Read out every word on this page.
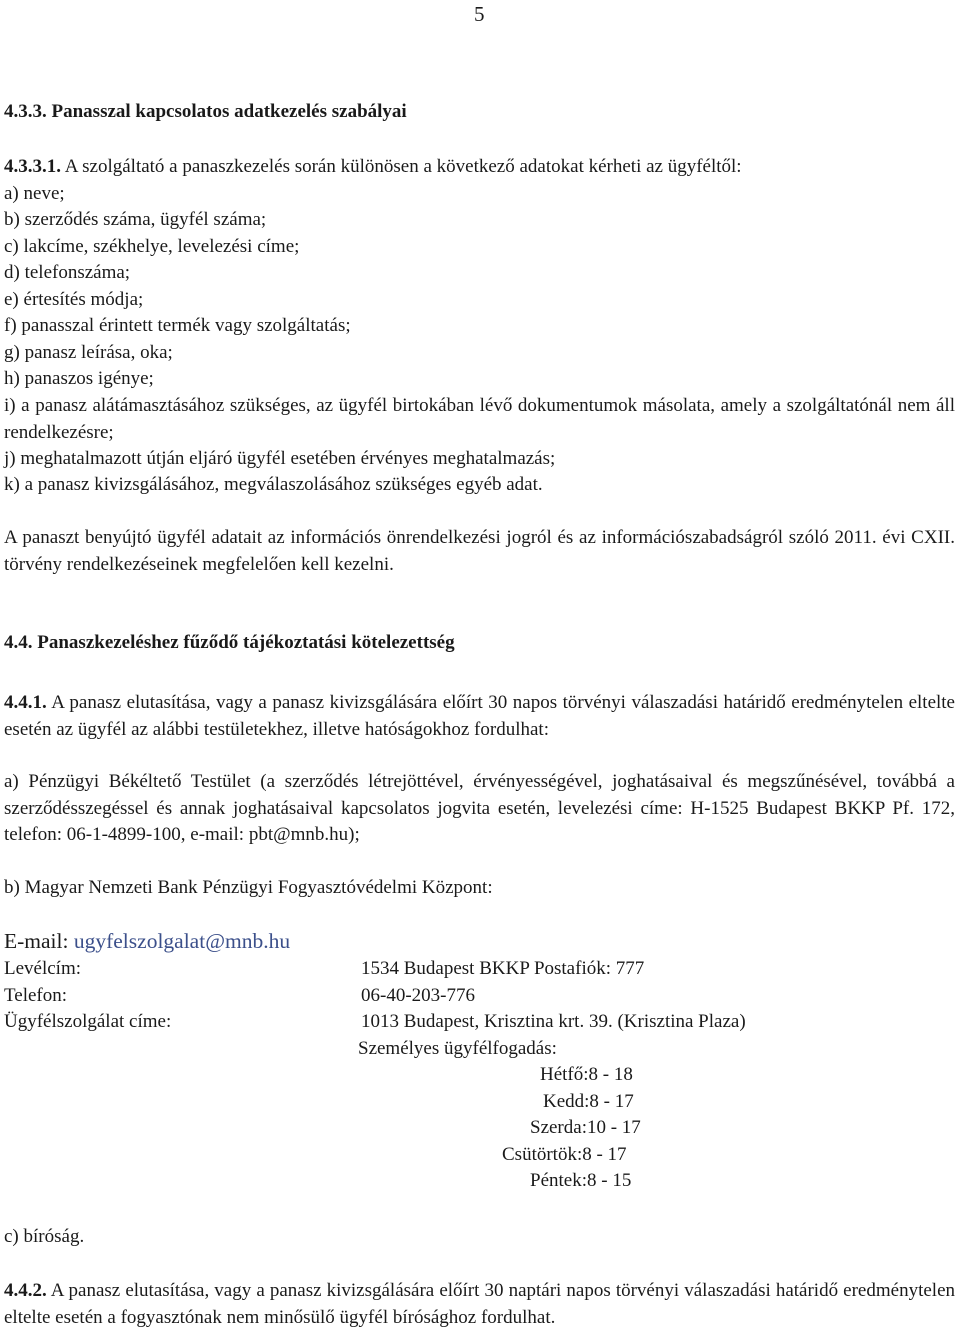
5
4.3.3. Panasszal kapcsolatos adatkezelés szabályai
4.3.3.1. A szolgáltató a panaszkezelés során különösen a következő adatokat kérheti az ügyféltől:
a) neve;
b) szerződés száma, ügyfél száma;
c) lakcíme, székhelye, levelezési címe;
d) telefonszáma;
e) értesítés módja;
f) panasszal érintett termék vagy szolgáltatás;
g) panasz leírása, oka;
h) panaszos igénye;
i) a panasz alátámasztásához szükséges, az ügyfél birtokában lévő dokumentumok másolata, amely a szolgáltatónál nem áll rendelkezésre;
j) meghatalmazott útján eljáró ügyfél esetében érvényes meghatalmazás;
k) a panasz kivizsgálásához, megválaszolásához szükséges egyéb adat.
A panaszt benyújtó ügyfél adatait az információs önrendelkezési jogról és az információszabadságról szóló 2011. évi CXII. törvény rendelkezéseinek megfelelően kell kezelni.
4.4. Panaszkezeléshez fűződő tájékoztatási kötelezettség
4.4.1. A panasz elutasítása, vagy a panasz kivizsgálására előírt 30 napos törvényi válaszadási határidő eredménytelen eltelte esetén az ügyfél az alábbi testületekhez, illetve hatóságokhoz fordulhat:
a) Pénzügyi Békéltető Testület (a szerződés létrejöttével, érvényességével, joghatásaival és megszűnésével, továbbá a szerződésszegéssel és annak joghatásaival kapcsolatos jogvita esetén, levelezési címe: H-1525 Budapest BKKP Pf. 172, telefon: 06-1-4899-100, e-mail: pbt@mnb.hu);
b) Magyar Nemzeti Bank Pénzügyi Fogyasztóvédelmi Központ:
E-mail: ugyfelszolgalat@mnb.hu
Levélcím:	1534 Budapest BKKP Postafiók: 777
Telefon:	06-40-203-776
Ügyfélszolgálat címe:	1013 Budapest, Krisztina krt. 39. (Krisztina Plaza)
Személyes ügyfélfogadás:
Hétfő:8 - 18
Kedd:8 - 17
Szerda:10 - 17
Csütörtök:8 - 17
Péntek:8 - 15
c) bíróság.
4.4.2. A panasz elutasítása, vagy a panasz kivizsgálására előírt 30 naptári napos törvényi válaszadási határidő eredménytelen eltelte esetén a fogyasztónak nem minősülő ügyfél bírósághoz fordulhat.
